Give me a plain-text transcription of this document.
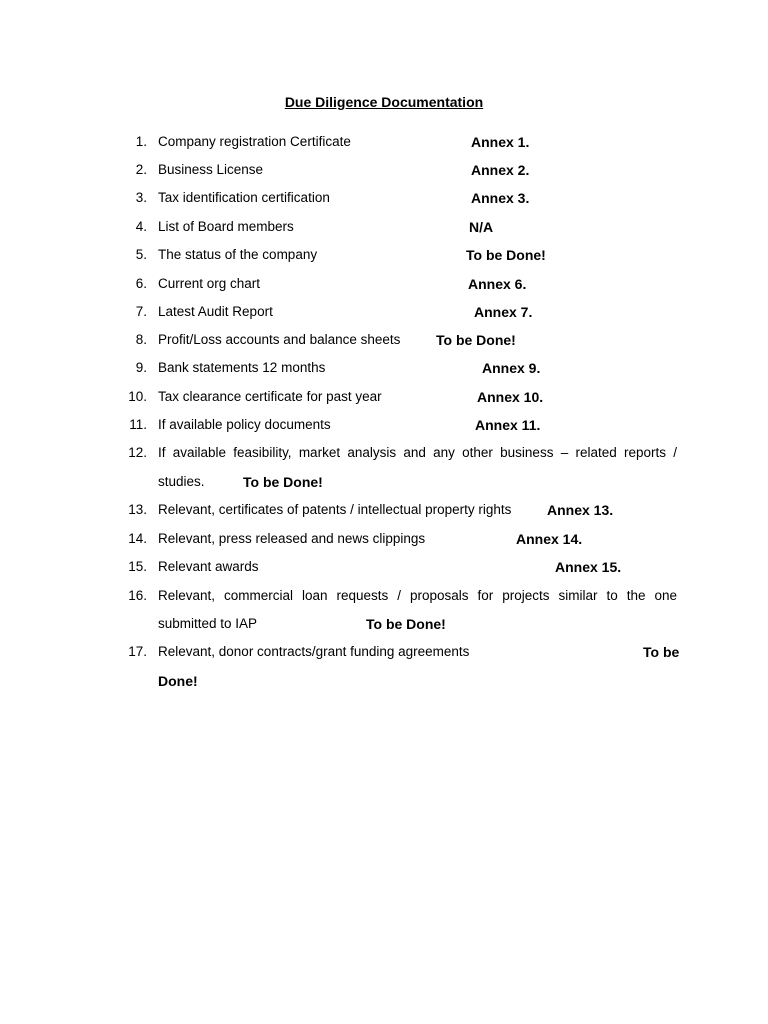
Due Diligence Documentation
1. Company registration Certificate	Annex 1.
2. Business License	Annex 2.
3. Tax identification certification	Annex 3.
4. List of Board members	N/A
5. The status of the company	To be Done!
6. Current org chart	Annex 6.
7. Latest Audit Report	Annex 7.
8. Profit/Loss accounts and balance sheets	To be Done!
9. Bank statements 12 months	Annex 9.
10. Tax clearance certificate for past year	Annex 10.
11. If available policy documents	Annex 11.
12. If available feasibility, market analysis and any other business – related reports /
studies.	To be Done!
13. Relevant, certificates of patents / intellectual property rights	Annex 13.
14. Relevant, press released and news clippings	Annex 14.
15. Relevant awards	Annex 15.
16. Relevant, commercial loan requests / proposals for projects similar to the one
submitted to IAP	To be Done!
17. Relevant, donor contracts/grant funding agreements	To be
Done!
